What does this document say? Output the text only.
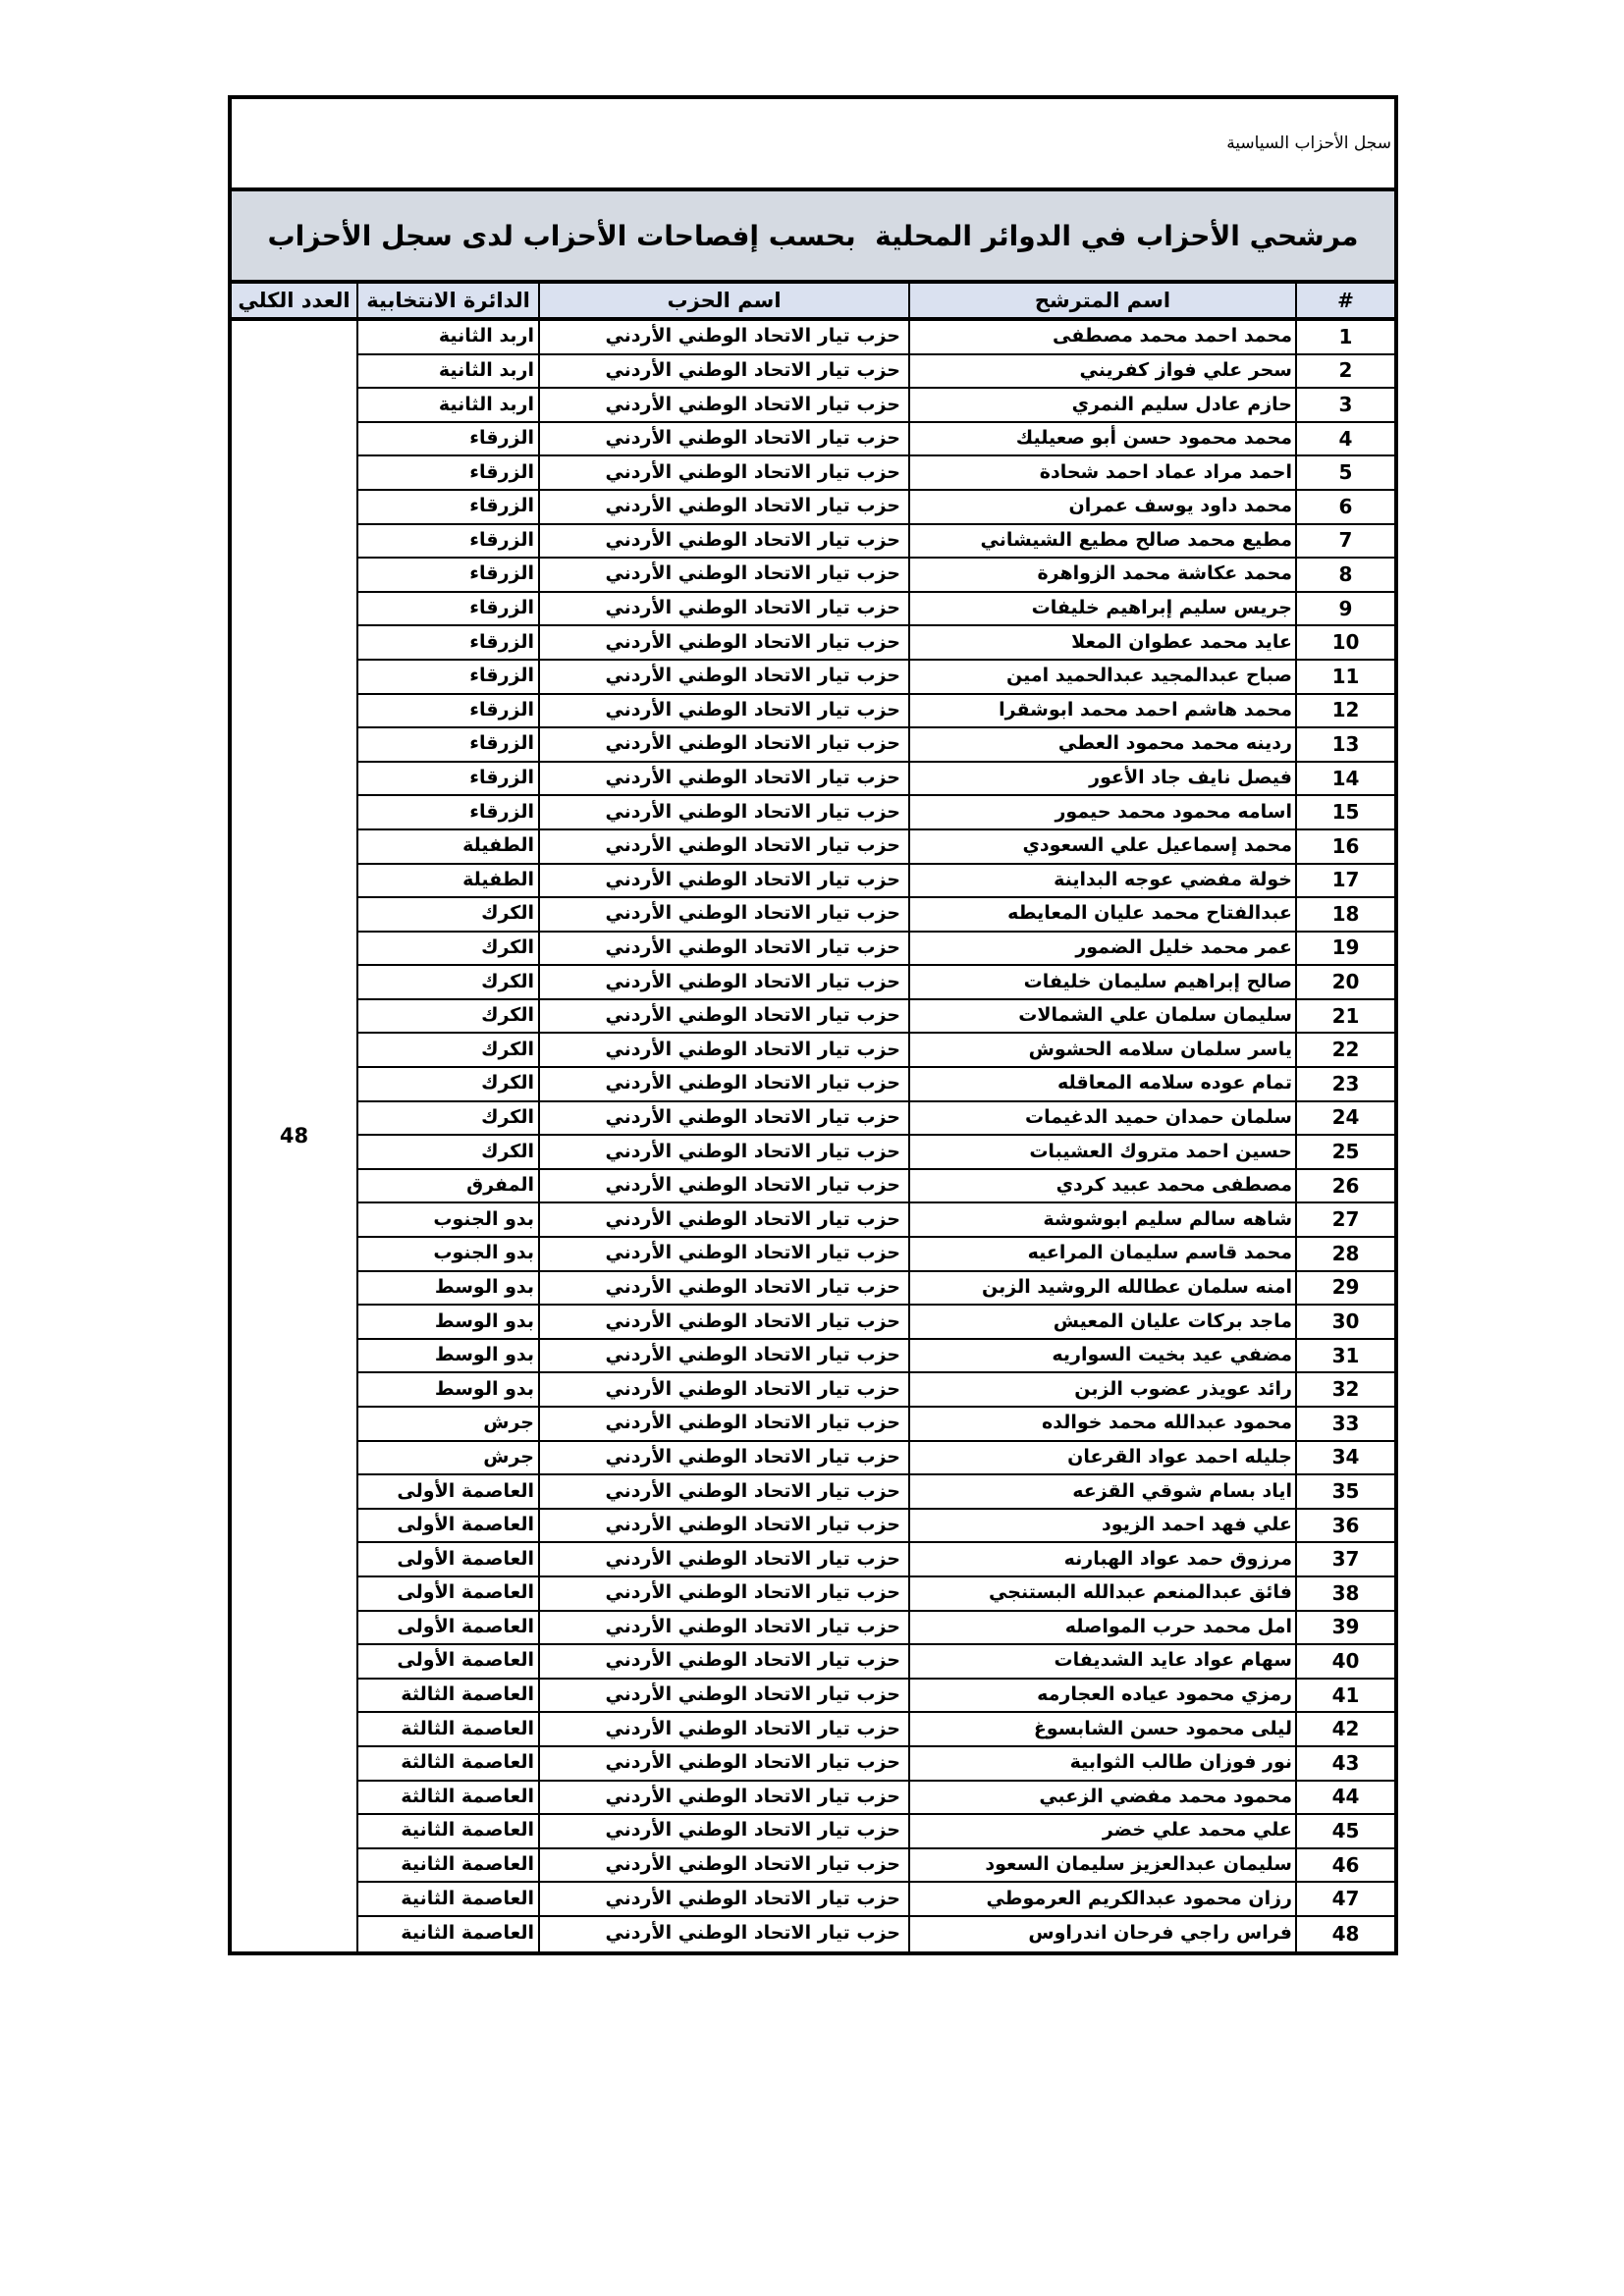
سجل الأحزاب السياسية
مرشحي الأحزاب في الدوائر المحلية  بحسب إفصاحات الأحزاب لدى سجل الأحزاب
#
اسم المترشح
اسم الحزب
الدائرة الانتخابية
العدد الكلي
48
1
محمد احمد محمد مصطفى
حزب تيار الاتحاد الوطني الأردني
اربد الثانية
2
سحر علي فواز كفريني
حزب تيار الاتحاد الوطني الأردني
اربد الثانية
3
حازم عادل سليم النمري
حزب تيار الاتحاد الوطني الأردني
اربد الثانية
4
محمد محمود حسن أبو صعيليك
حزب تيار الاتحاد الوطني الأردني
الزرقاء
5
احمد مراد عماد احمد شحادة
حزب تيار الاتحاد الوطني الأردني
الزرقاء
6
محمد داود يوسف عمران
حزب تيار الاتحاد الوطني الأردني
الزرقاء
7
مطيع محمد صالح مطيع الشيشاني
حزب تيار الاتحاد الوطني الأردني
الزرقاء
8
محمد عكاشة محمد الزواهرة
حزب تيار الاتحاد الوطني الأردني
الزرقاء
9
جريس سليم إبراهيم خليفات
حزب تيار الاتحاد الوطني الأردني
الزرقاء
10
عايد محمد عطوان المعلا
حزب تيار الاتحاد الوطني الأردني
الزرقاء
11
صباح عبدالمجيد عبدالحميد امين
حزب تيار الاتحاد الوطني الأردني
الزرقاء
12
محمد هاشم احمد محمد ابوشقرا
حزب تيار الاتحاد الوطني الأردني
الزرقاء
13
ردينه محمد محمود العطي
حزب تيار الاتحاد الوطني الأردني
الزرقاء
14
فيصل نايف جاد الأعور
حزب تيار الاتحاد الوطني الأردني
الزرقاء
15
اسامه محمود محمد حيمور
حزب تيار الاتحاد الوطني الأردني
الزرقاء
16
محمد إسماعيل علي السعودي
حزب تيار الاتحاد الوطني الأردني
الطفيلة
17
خولة مفضي عوجه البداينة
حزب تيار الاتحاد الوطني الأردني
الطفيلة
18
عبدالفتاح محمد عليان المعايطه
حزب تيار الاتحاد الوطني الأردني
الكرك
19
عمر محمد خليل الضمور
حزب تيار الاتحاد الوطني الأردني
الكرك
20
صالح إبراهيم سليمان خليفات
حزب تيار الاتحاد الوطني الأردني
الكرك
21
سليمان سلمان علي الشمالات
حزب تيار الاتحاد الوطني الأردني
الكرك
22
ياسر سلمان سلامه الحشوش
حزب تيار الاتحاد الوطني الأردني
الكرك
23
تمام عوده سلامه المعاقله
حزب تيار الاتحاد الوطني الأردني
الكرك
24
سلمان حمدان حميد الدغيمات
حزب تيار الاتحاد الوطني الأردني
الكرك
25
حسين احمد متروك العشيبات
حزب تيار الاتحاد الوطني الأردني
الكرك
26
مصطفى محمد عبيد كردي
حزب تيار الاتحاد الوطني الأردني
المفرق
27
شاهه سالم سليم ابوشوشة
حزب تيار الاتحاد الوطني الأردني
بدو الجنوب
28
محمد قاسم سليمان المراعيه
حزب تيار الاتحاد الوطني الأردني
بدو الجنوب
29
امنه سلمان عطالله الروشيد الزبن
حزب تيار الاتحاد الوطني الأردني
بدو الوسط
30
ماجد بركات عليان المعيش
حزب تيار الاتحاد الوطني الأردني
بدو الوسط
31
مضفي عيد بخيت السواريه
حزب تيار الاتحاد الوطني الأردني
بدو الوسط
32
رائد عويذر عضوب الزبن
حزب تيار الاتحاد الوطني الأردني
بدو الوسط
33
محمود عبدالله محمد خوالده
حزب تيار الاتحاد الوطني الأردني
جرش
34
جليله احمد عواد القرعان
حزب تيار الاتحاد الوطني الأردني
جرش
35
اياد بسام شوقي القزعه
حزب تيار الاتحاد الوطني الأردني
العاصمة الأولى
36
علي فهد احمد الزيود
حزب تيار الاتحاد الوطني الأردني
العاصمة الأولى
37
مرزوق حمد عواد الهبارنه
حزب تيار الاتحاد الوطني الأردني
العاصمة الأولى
38
فائق عبدالمنعم عبدالله البستنجي
حزب تيار الاتحاد الوطني الأردني
العاصمة الأولى
39
امل محمد حرب المواصله
حزب تيار الاتحاد الوطني الأردني
العاصمة الأولى
40
سهام عواد عايد الشديفات
حزب تيار الاتحاد الوطني الأردني
العاصمة الأولى
41
رمزي محمود عياده العجارمه
حزب تيار الاتحاد الوطني الأردني
العاصمة الثالثة
42
ليلى محمود حسن الشابسوغ
حزب تيار الاتحاد الوطني الأردني
العاصمة الثالثة
43
نور فوزان طالب الثوابية
حزب تيار الاتحاد الوطني الأردني
العاصمة الثالثة
44
محمود محمد مفضي الزعبي
حزب تيار الاتحاد الوطني الأردني
العاصمة الثالثة
45
علي محمد علي خضر
حزب تيار الاتحاد الوطني الأردني
العاصمة الثانية
46
سليمان عبدالعزيز سليمان السعود
حزب تيار الاتحاد الوطني الأردني
العاصمة الثانية
47
رزان محمود عبدالكريم العرموطي
حزب تيار الاتحاد الوطني الأردني
العاصمة الثانية
48
فراس راجي فرحان اندراوس
حزب تيار الاتحاد الوطني الأردني
العاصمة الثانية
